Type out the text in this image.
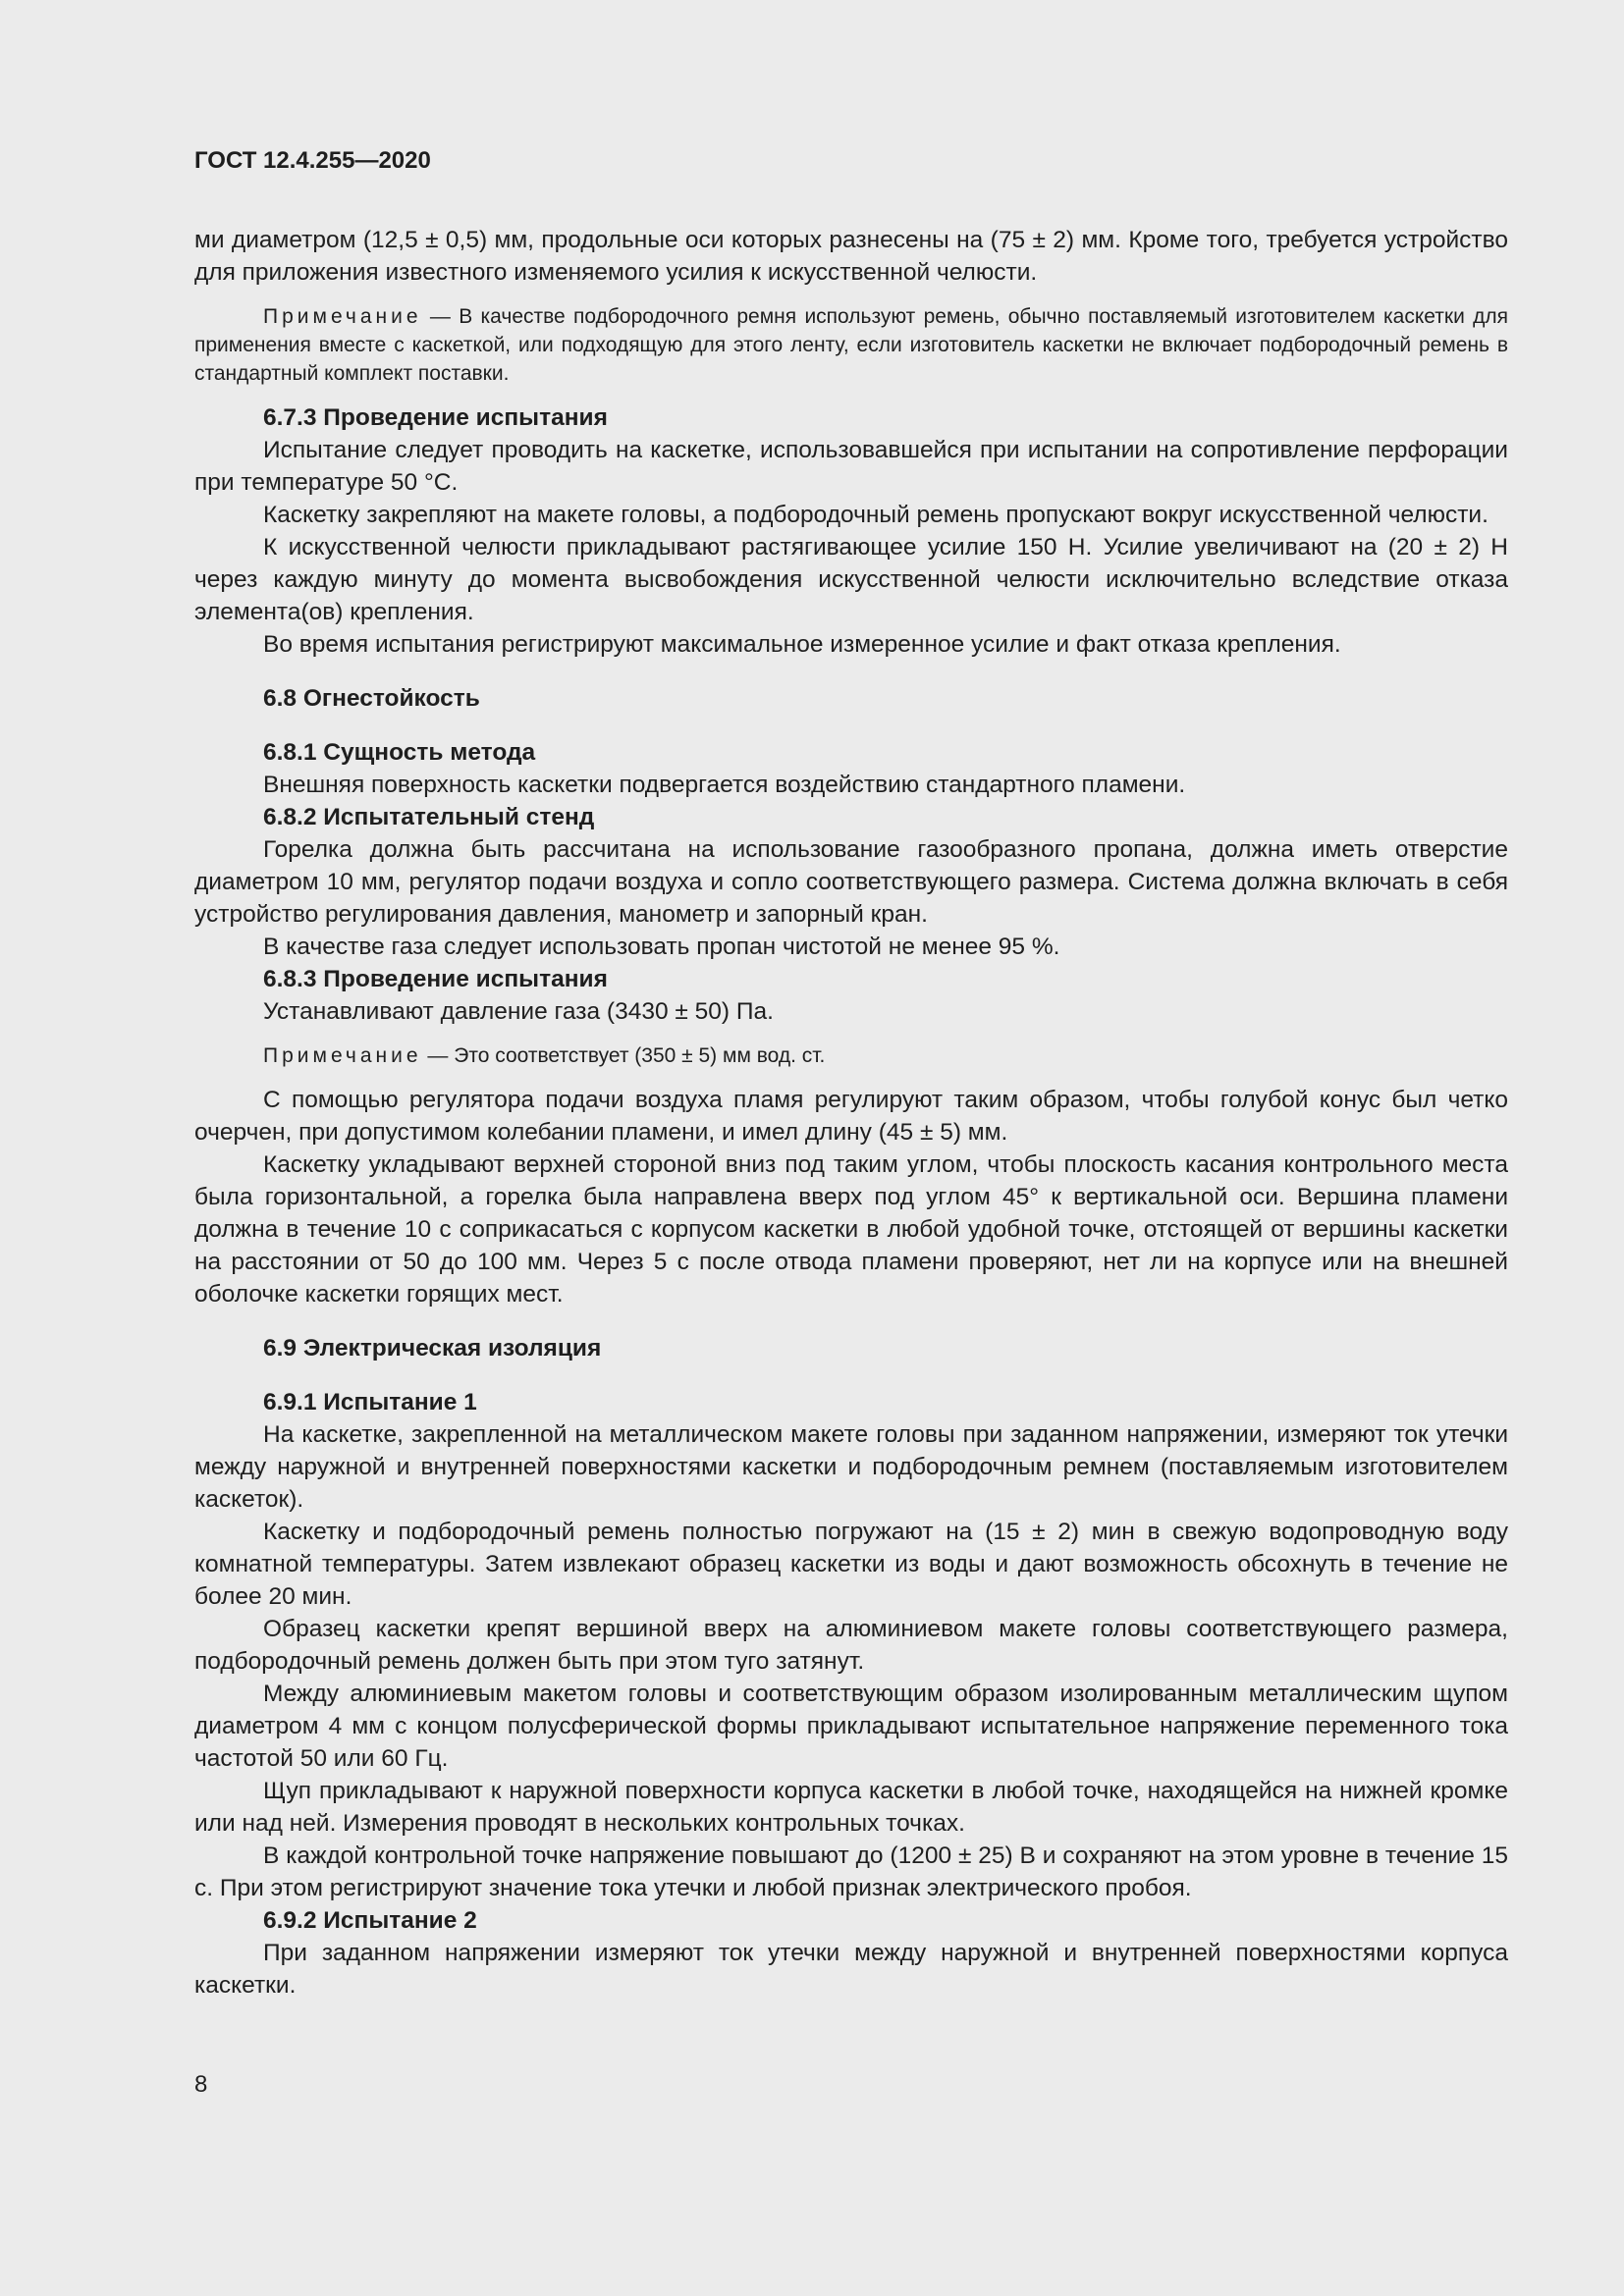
ГОСТ 12.4.255—2020

ми диаметром (12,5 ± 0,5) мм, продольные оси которых разнесены на (75 ± 2) мм. Кроме того, требуется устройство для приложения известного изменяемого усилия к искусственной челюсти.

Примечание — В качестве подбородочного ремня используют ремень, обычно поставляемый изготовителем каскетки для применения вместе с каскеткой, или подходящую для этого ленту, если изготовитель каскетки не включает подбородочный ремень в стандартный комплект поставки.

6.7.3 Проведение испытания

Испытание следует проводить на каскетке, использовавшейся при испытании на сопротивление перфорации при температуре 50 °С.

Каскетку закрепляют на макете головы, а подбородочный ремень пропускают вокруг искусственной челюсти.

К искусственной челюсти прикладывают растягивающее усилие 150 Н. Усилие увеличивают на (20 ± 2) Н через каждую минуту до момента высвобождения искусственной челюсти исключительно вследствие отказа элемента(ов) крепления.

Во время испытания регистрируют максимальное измеренное усилие и факт отказа крепления.

6.8 Огнестойкость

6.8.1 Сущность метода

Внешняя поверхность каскетки подвергается воздействию стандартного пламени.

6.8.2 Испытательный стенд

Горелка должна быть рассчитана на использование газообразного пропана, должна иметь отверстие диаметром 10 мм, регулятор подачи воздуха и сопло соответствующего размера. Система должна включать в себя устройство регулирования давления, манометр и запорный кран.

В качестве газа следует использовать пропан чистотой не менее 95 %.

6.8.3 Проведение испытания

Устанавливают давление газа (3430 ± 50) Па.

Примечание — Это соответствует (350 ± 5) мм вод. ст.

С помощью регулятора подачи воздуха пламя регулируют таким образом, чтобы голубой конус был четко очерчен, при допустимом колебании пламени, и имел длину (45 ± 5) мм.

Каскетку укладывают верхней стороной вниз под таким углом, чтобы плоскость касания контрольного места была горизонтальной, а горелка была направлена вверх под углом 45° к вертикальной оси. Вершина пламени должна в течение 10 с соприкасаться с корпусом каскетки в любой удобной точке, отстоящей от вершины каскетки на расстоянии от 50 до 100 мм. Через 5 с после отвода пламени проверяют, нет ли на корпусе или на внешней оболочке каскетки горящих мест.

6.9 Электрическая изоляция

6.9.1 Испытание 1

На каскетке, закрепленной на металлическом макете головы при заданном напряжении, измеряют ток утечки между наружной и внутренней поверхностями каскетки и подбородочным ремнем (поставляемым изготовителем каскеток).

Каскетку и подбородочный ремень полностью погружают на (15 ± 2) мин в свежую водопроводную воду комнатной температуры. Затем извлекают образец каскетки из воды и дают возможность обсохнуть в течение не более 20 мин.

Образец каскетки крепят вершиной вверх на алюминиевом макете головы соответствующего размера, подбородочный ремень должен быть при этом туго затянут.

Между алюминиевым макетом головы и соответствующим образом изолированным металлическим щупом диаметром 4 мм с концом полусферической формы прикладывают испытательное напряжение переменного тока частотой 50 или 60 Гц.

Щуп прикладывают к наружной поверхности корпуса каскетки в любой точке, находящейся на нижней кромке или над ней. Измерения проводят в нескольких контрольных точках.

В каждой контрольной точке напряжение повышают до (1200 ± 25) В и сохраняют на этом уровне в течение 15 с. При этом регистрируют значение тока утечки и любой признак электрического пробоя.

6.9.2 Испытание 2

При заданном напряжении измеряют ток утечки между наружной и внутренней поверхностями корпуса каскетки.

8
